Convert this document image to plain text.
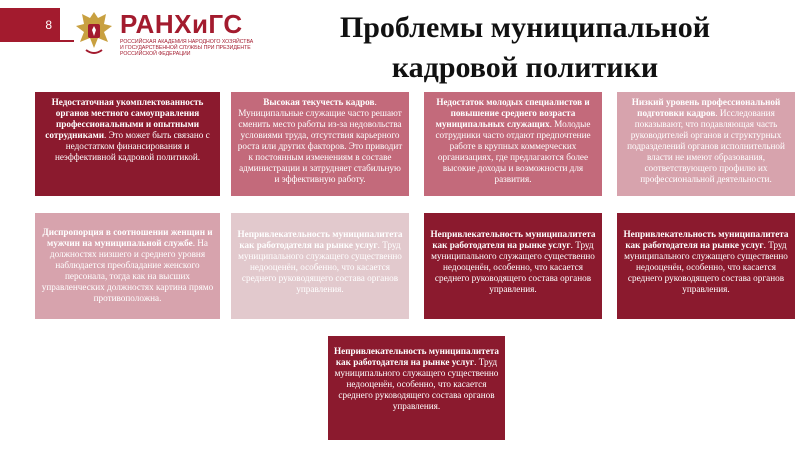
8	РАНХиГС
РОССИЙСКАЯ АКАДЕМИЯ НАРОДНОГО ХОЗЯЙСТВА И ГОСУДАРСТВЕННОЙ СЛУЖБЫ ПРИ ПРЕЗИДЕНТЕ РОССИЙСКОЙ ФЕДЕРАЦИИ
Проблемы муниципальной
кадровой политики
Недостаточная укомплектованность органов местного самоуправления профессиональными и опытными сотрудниками. Это может быть связано с недостатком финансирования и неэффективной кадровой политикой.
Высокая текучесть кадров. Муниципальные служащие часто решают сменить место работы из-за недовольства условиями труда, отсутствия карьерного роста или других факторов. Это приводит к постоянным изменениям в составе администрации и затрудняет стабильную и эффективную работу.
Недостаток молодых специалистов и повышение среднего возраста муниципальных служащих. Молодые сотрудники часто отдают предпочтение работе в крупных коммерческих организациях, где предлагаются более высокие доходы и возможности для развития.
Низкий уровень профессиональной подготовки кадров. Исследования показывают, что подавляющая часть руководителей органов и структурных подразделений органов исполнительной власти не имеют образования, соответствующего профилю их профессиональной деятельности.
Диспропорция в соотношении женщин и мужчин на муниципальной службе. На должностях низшего и среднего уровня наблюдается преобладание женского персонала, тогда как на высших управленческих должностях картина прямо противоположна.
Непривлекательность муниципалитета как работодателя на рынке услуг. Труд муниципального служащего существенно недооценён, особенно, что касается среднего руководящего состава органов управления.
Непривлекательность муниципалитета как работодателя на рынке услуг. Труд муниципального служащего существенно недооценён, особенно, что касается среднего руководящего состава органов управления.
Непривлекательность муниципалитета как работодателя на рынке услуг. Труд муниципального служащего существенно недооценён, особенно, что касается среднего руководящего состава органов управления.
Непривлекательность муниципалитета как работодателя на рынке услуг. Труд муниципального служащего существенно недооценён, особенно, что касается среднего руководящего состава органов управления.
